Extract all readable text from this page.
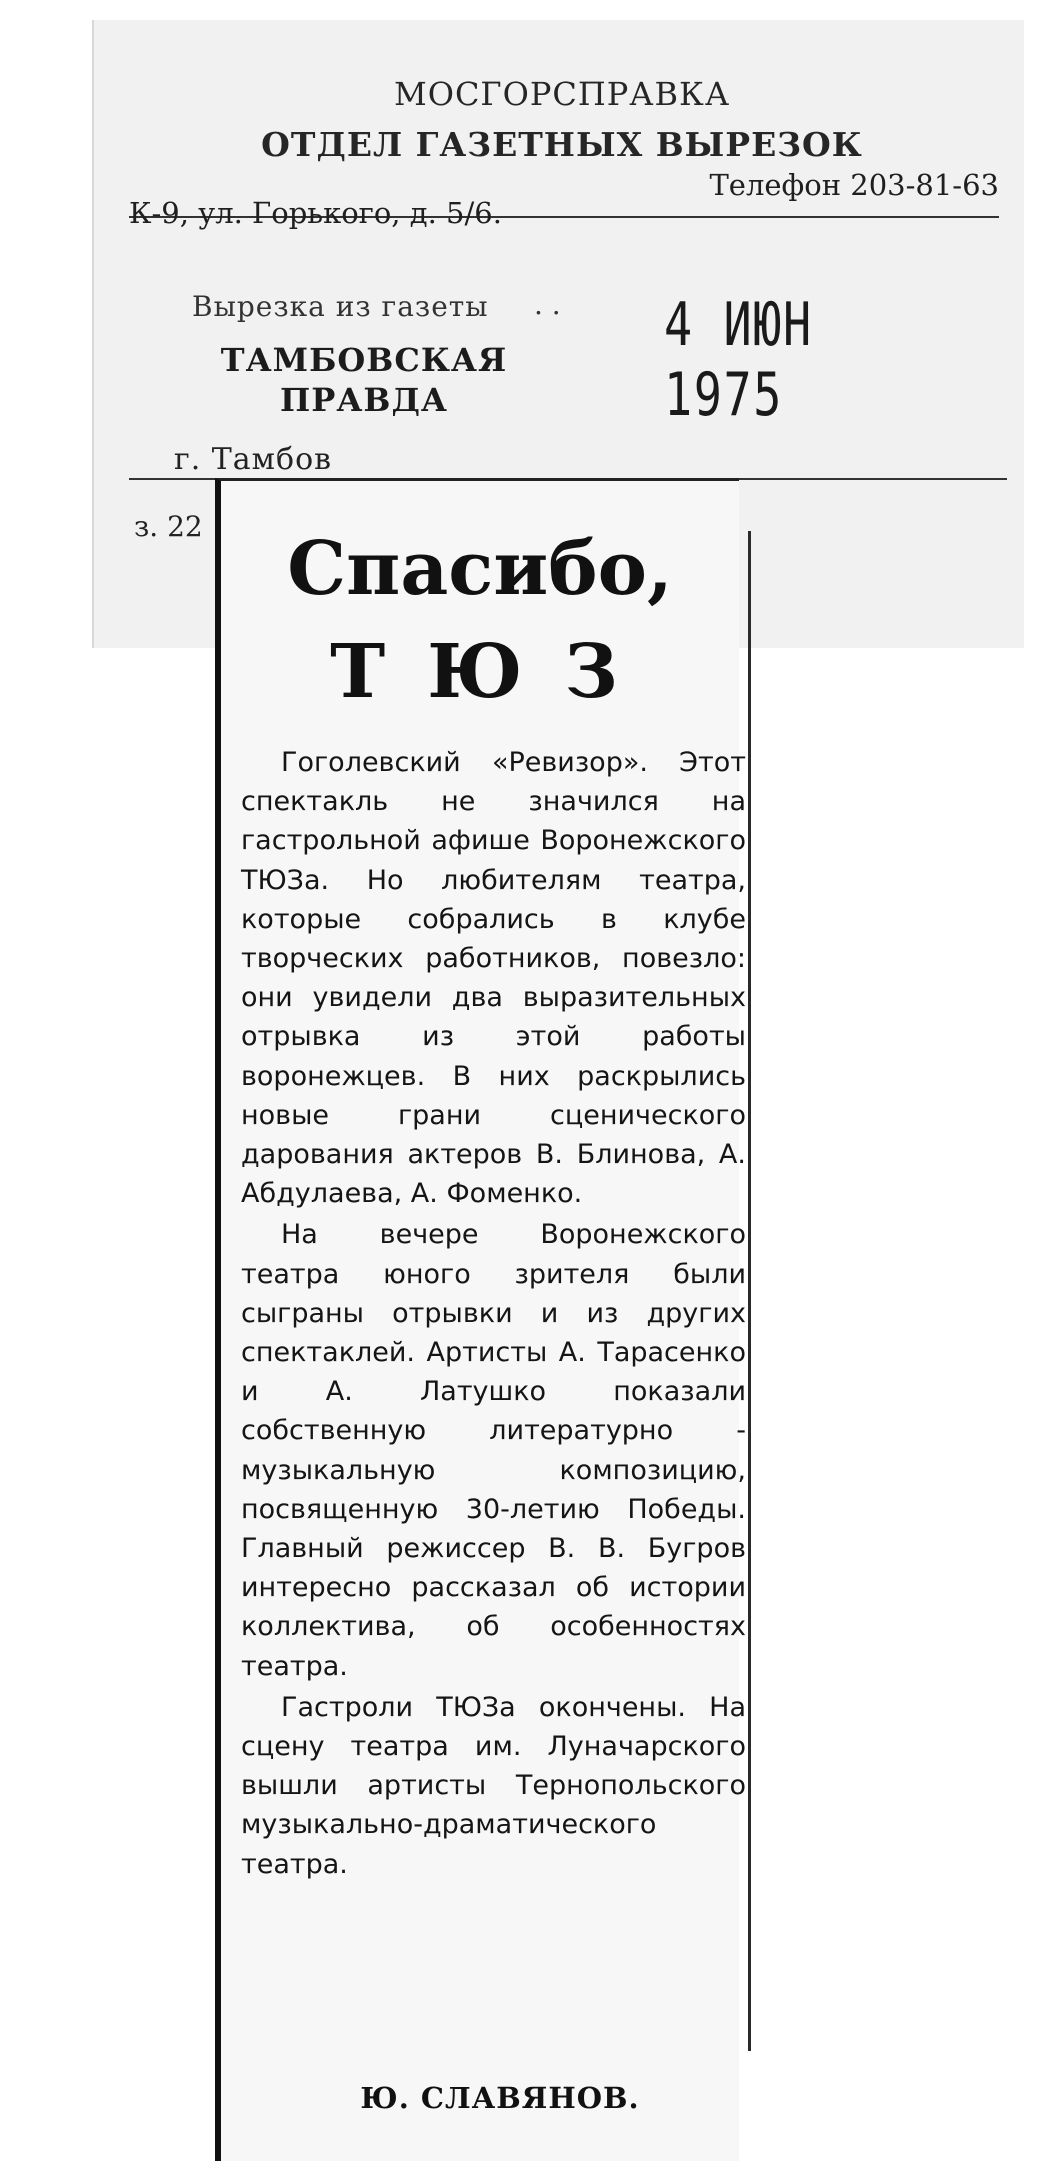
МОСГОРСПРАВКА
ОТДЕЛ ГАЗЕТНЫХ ВЫРЕЗОК
К-9, ул. Горького, д. 5/6.
Телефон 203-81-63
Вырезка из газеты . . 4 ИЮН 1975
ТАМБОВСКАЯ
ПРАВДА
г. Тамбов
з. 22	Спасибо,
ТЮЗ

Гоголевский «Ревизор». Этот спектакль не значился на гастрольной афише Воронежского ТЮЗа. Но любителям театра, которые собрались в клубе творческих работников, повезло: они увидели два выразительных отрывка из этой работы воронежцев. В них раскрылись новые грани сценического дарования актеров В. Блинова, А. Абдулаева, А. Фоменко.

На вечере Воронежского театра юного зрителя были сыграны отрывки и из других спектаклей. Артисты А. Тарасенко и А. Латушко показали собственную литературно - музыкальную композицию, посвященную 30-летию Победы. Главный режиссер В. В. Бугров интересно рассказал об истории коллектива, об особенностях театра.

Гастроли ТЮЗа окончены. На сцену театра им. Луначарского вышли артисты Тернопольского музыкально-драматического театра.

Ю. СЛАВЯНОВ.
